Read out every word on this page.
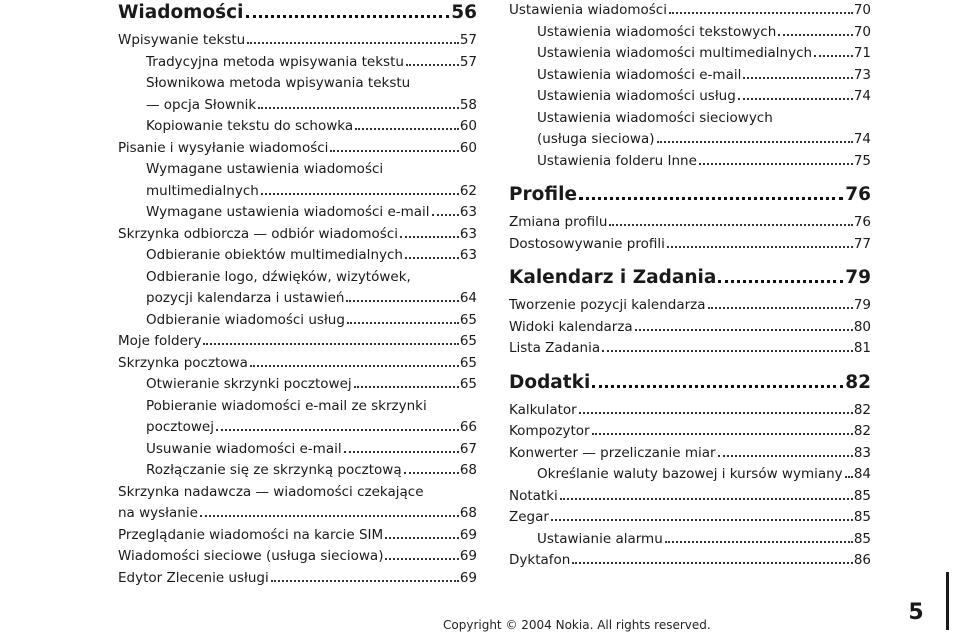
Wiadomości	56
Wpisywanie tekstu	57
Tradycyjna metoda wpisywania tekstu	57
Słownikowa metoda wpisywania tekstu
— opcja Słownik	58
Kopiowanie tekstu do schowka	60
Pisanie i wysyłanie wiadomości	60
Wymagane ustawienia wiadomości
multimedialnych	62
Wymagane ustawienia wiadomości e-mail 63
Skrzynka odbiorcza — odbiór wiadomości	63
Odbieranie obiektów multimedialnych	63
Odbieranie logo, dźwięków, wizytówek,
pozycji kalendarza i ustawień	64
Odbieranie wiadomości usług	65
Moje foldery	65
Skrzynka pocztowa	65
Otwieranie skrzynki pocztowej	65
Pobieranie wiadomości e-mail ze skrzynki
pocztowej	66
Usuwanie wiadomości e-mail	67
Rozłączanie się ze skrzynką pocztową	68
Skrzynka nadawcza — wiadomości czekające
na wysłanie	68
Przeglądanie wiadomości na karcie SIM	69
Wiadomości sieciowe (usługa sieciowa)	69
Edytor Zlecenie usługi	69
Ustawienia wiadomości	70
Ustawienia wiadomości tekstowych	70
Ustawienia wiadomości multimedialnych	71
Ustawienia wiadomości e-mail	73
Ustawienia wiadomości usług	74
Ustawienia wiadomości sieciowych
(usługa sieciowa)	74
Ustawienia folderu Inne	75
Profile	76
Zmiana profilu	76
Dostosowywanie profili	77
Kalendarz i Zadania	79
Tworzenie pozycji kalendarza	79
Widoki kalendarza	80
Lista Zadania	81
Dodatki	82
Kalkulator	82
Kompozytor	82
Konwerter — przeliczanie miar	83
Określanie waluty bazowej i kursów wymiany 84
Notatki	85
Zegar	85
Ustawianie alarmu	85
Dyktafon	86
5
Copyright © 2004 Nokia. All rights reserved.
